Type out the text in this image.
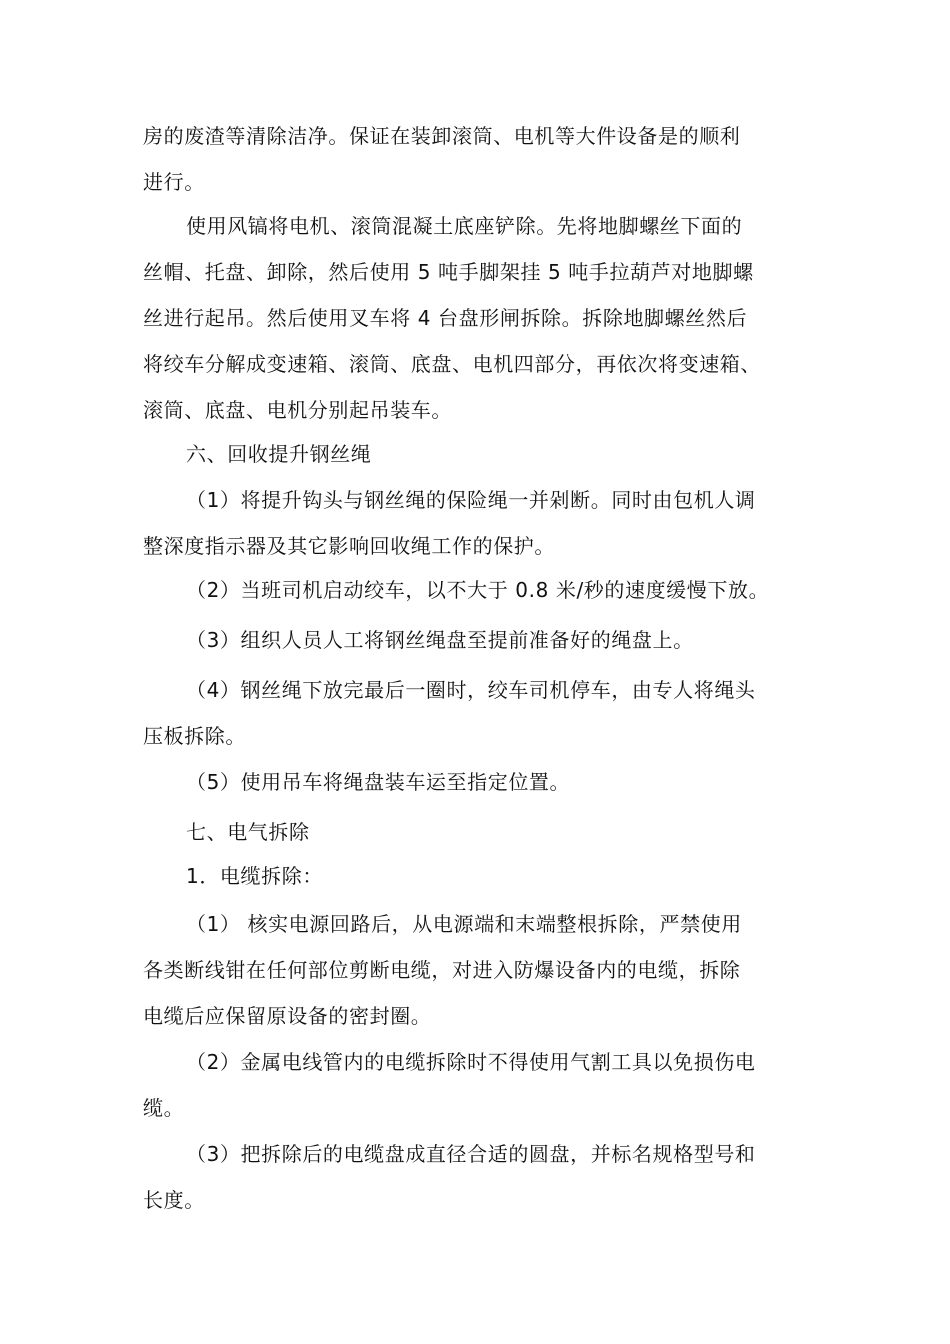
房的废渣等清除洁净。保证在装卸滚筒、电机等大件设备是的顺利
进行。
使用风镐将电机、滚筒混凝土底座铲除。先将地脚螺丝下面的
丝帽、托盘、卸除，然后使用 5 吨手脚架挂 5 吨手拉葫芦对地脚螺
丝进行起吊。然后使用叉车将 4 台盘形闸拆除。拆除地脚螺丝然后
将绞车分解成变速箱、滚筒、底盘、电机四部分，再依次将变速箱、
滚筒、底盘、电机分别起吊装车。
六、回收提升钢丝绳
（1）将提升钩头与钢丝绳的保险绳一并剁断。同时由包机人调
整深度指示器及其它影响回收绳工作的保护。
（2）当班司机启动绞车，以不大于 0.8 米/秒的速度缓慢下放。
（3）组织人员人工将钢丝绳盘至提前准备好的绳盘上。
（4）钢丝绳下放完最后一圈时，绞车司机停车，由专人将绳头
压板拆除。
（5）使用吊车将绳盘装车运至指定位置。
七、电气拆除
1．电缆拆除：
（1） 核实电源回路后，从电源端和末端整根拆除，严禁使用
各类断线钳在任何部位剪断电缆，对进入防爆设备内的电缆，拆除
电缆后应保留原设备的密封圈。
（2）金属电线管内的电缆拆除时不得使用气割工具以免损伤电
缆。
（3）把拆除后的电缆盘成直径合适的圆盘，并标名规格型号和
长度。
